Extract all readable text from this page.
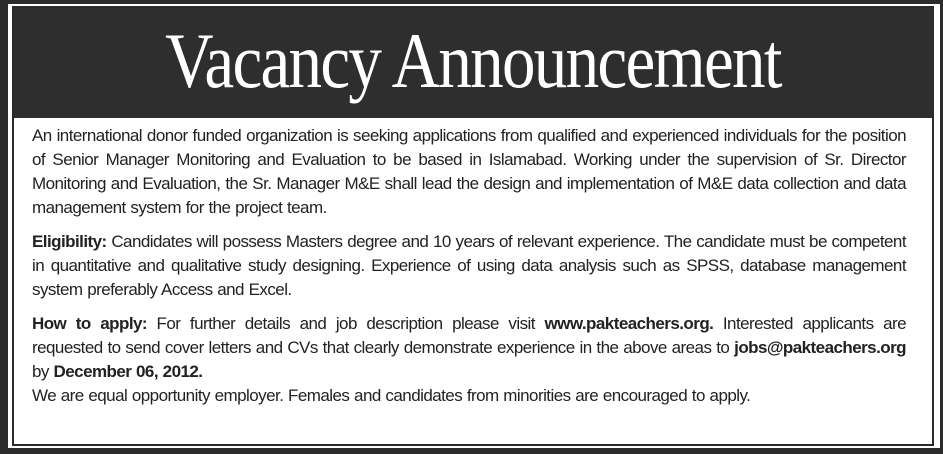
Vacancy Announcement

An international donor funded organization is seeking applications from qualified and experienced individuals for the position of Senior Manager Monitoring and Evaluation to be based in Islamabad. Working under the supervision of Sr. Director Monitoring and Evaluation, the Sr. Manager M&E shall lead the design and implementation of M&E data collection and data management system for the project team.

Eligibility: Candidates will possess Masters degree and 10 years of relevant experience. The candidate must be competent in quantitative and qualitative study designing. Experience of using data analysis such as SPSS, database management system preferably Access and Excel.

How to apply: For further details and job description please visit www.pakteachers.org. Interested applicants are requested to send cover letters and CVs that clearly demonstrate experience in the above areas to jobs@pakteachers.org by December 06, 2012.

We are equal opportunity employer. Females and candidates from minorities are encouraged to apply.
